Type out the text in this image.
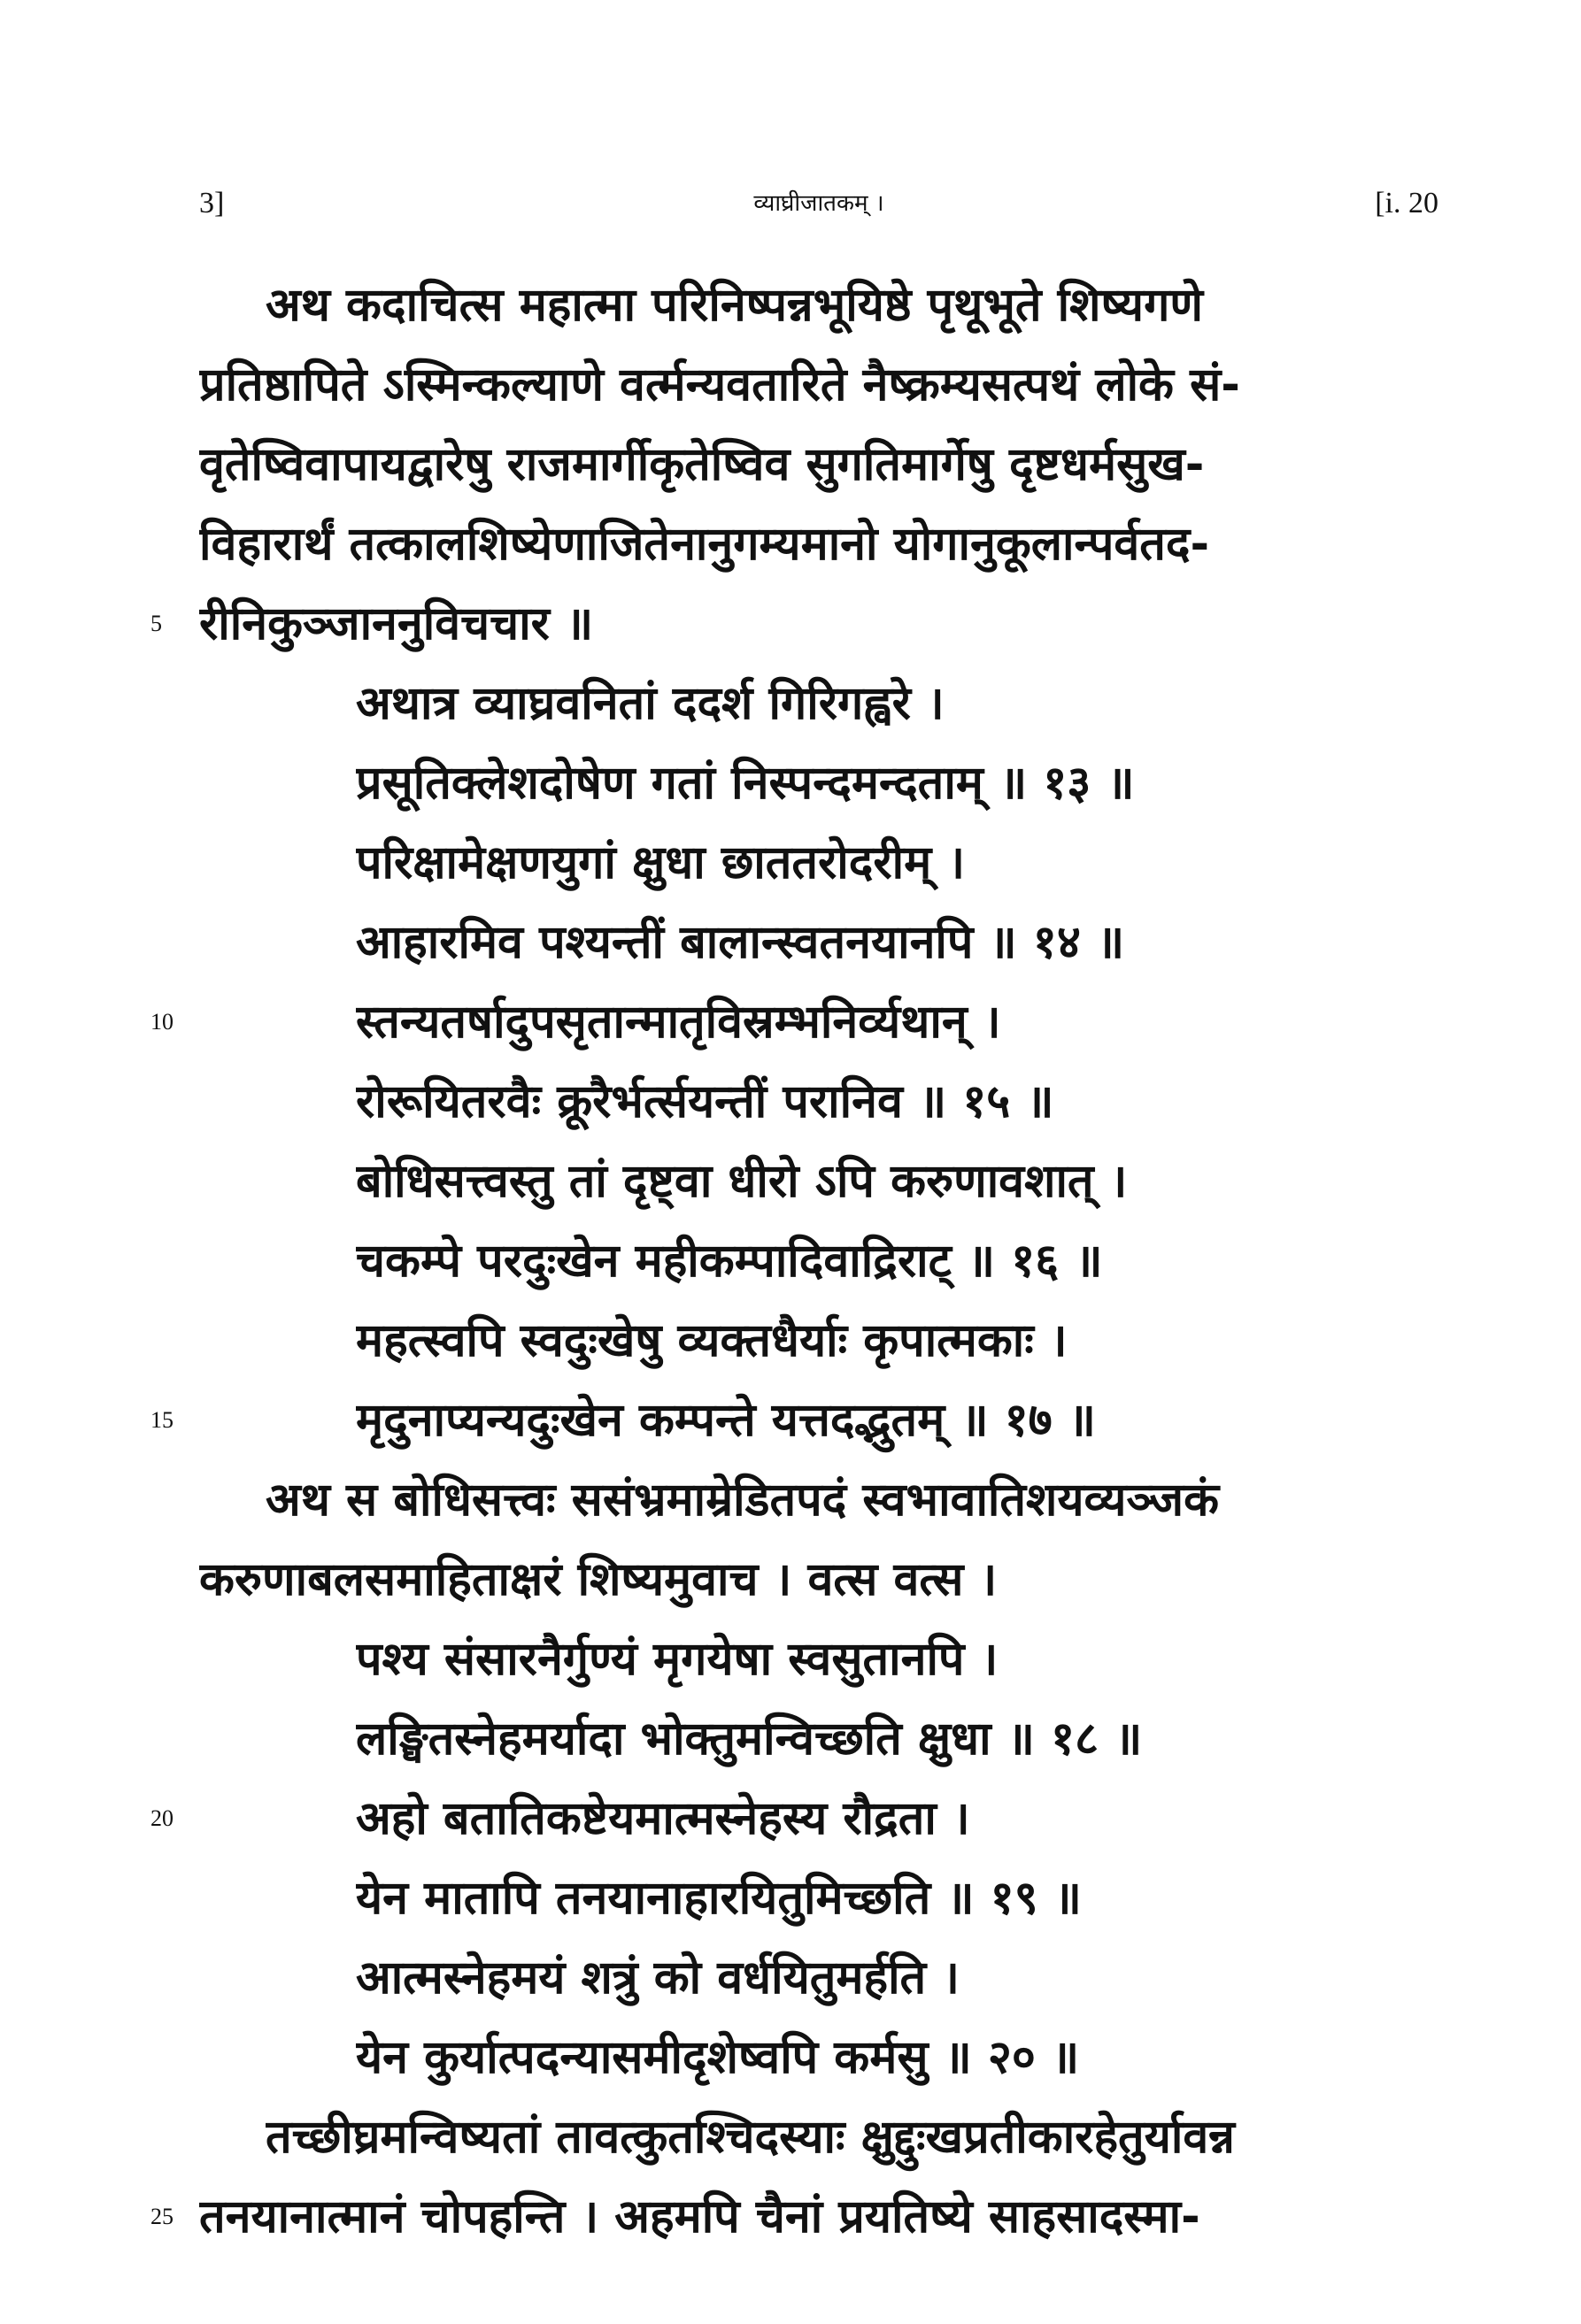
3]	व्याघ्रीजातकम् ।	[i. 20
अथ कदाचित्स महात्मा परिनिष्पन्नभूयिष्ठे पृथूभूते शिष्यगणे
प्रतिष्ठापिते ऽस्मिन्कल्याणे वर्त्मन्यवतारिते नैष्क्रम्यसत्पथं लोके सं-
वृतेष्विवापायद्वारेषु राजमार्गीकृतेष्विव सुगतिमार्गेषु दृष्टधर्मसुख-
विहारार्थं तत्कालशिष्येणाजितेनानुगम्यमानो योगानुकूलान्पर्वतद-
5 रीनिकुञ्जाननुविचचार ॥
अथात्र व्याघ्रवनितां ददर्श गिरिगह्वरे ।
प्रसूतिक्लेशदोषेण गतां निस्पन्दमन्दताम् ॥ १३ ॥
परिक्षामेक्षणयुगां क्षुधा छाततरोदरीम् ।
आहारमिव पश्यन्तीं बालान्स्वतनयानपि ॥ १४ ॥
10	स्तन्यतर्षादुपसृतान्मातृविस्रम्भनिर्व्यथान् ।
रोरूयितरवैः क्रूरैर्भर्त्सयन्तीं परानिव ॥ १५ ॥
बोधिसत्त्वस्तु तां दृष्ट्वा धीरो ऽपि करुणावशात् ।
चकम्पे परदुःखेन महीकम्पादिवाद्रिराट् ॥ १६ ॥
महत्स्वपि स्वदुःखेषु व्यक्तधैर्याः कृपात्मकाः ।
15	मृदुनाप्यन्यदुःखेन कम्पन्ते यत्तदद्भुतम् ॥ १७ ॥
अथ स बोधिसत्त्वः ससंभ्रमाम्रेडितपदं स्वभावातिशयव्यञ्जकं
करुणाबलसमाहिताक्षरं शिष्यमुवाच । वत्स वत्स ।
पश्य संसारनैर्गुण्यं मृगयेषा स्वसुतानपि ।
लङ्घितस्नेहमर्यादा भोक्तुमन्विच्छति क्षुधा ॥ १८ ॥
20	अहो बतातिकष्टेयमात्मस्नेहस्य रौद्रता ।
येन मातापि तनयानाहारयितुमिच्छति ॥ १९ ॥
आत्मस्नेहमयं शत्रुं को वर्धयितुमर्हति ।
येन कुर्यात्पदन्यासमीदृशेष्वपि कर्मसु ॥ २० ॥
तच्छीघ्रमन्विष्यतां तावत्कुतश्चिदस्याः क्षुद्दुःखप्रतीकारहेतुर्यावन्न
25 तनयानात्मानं चोपहन्ति । अहमपि चैनां प्रयतिष्ये साहसादस्मा-
